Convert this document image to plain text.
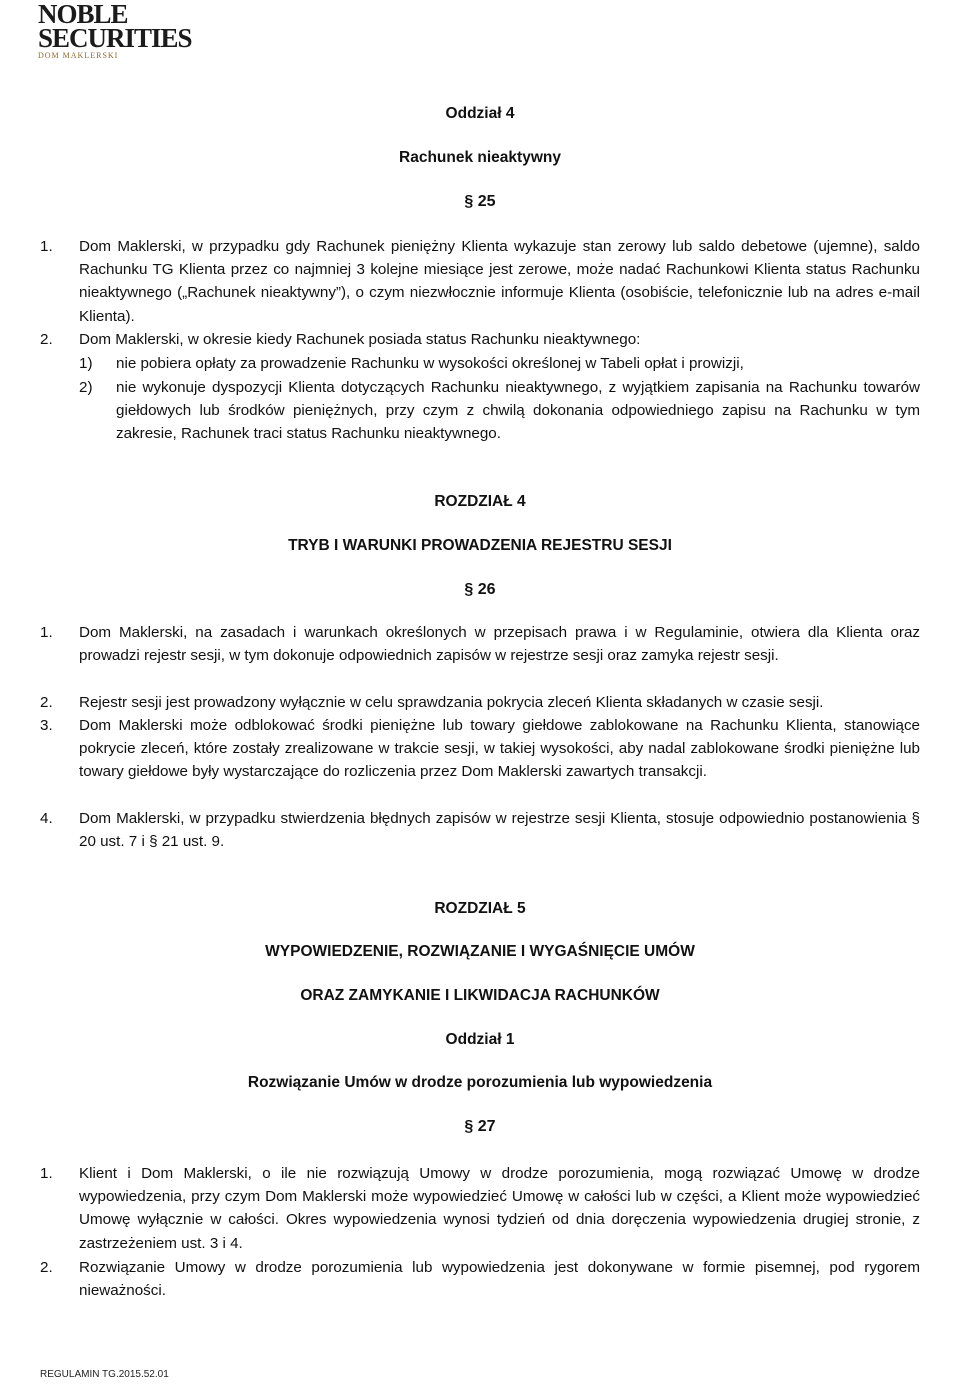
NOBLE
SECURITIES
DOM MAKLERSKI
Oddział 4
Rachunek nieaktywny
§ 25
1. Dom Maklerski, w przypadku gdy Rachunek pieniężny Klienta wykazuje stan zerowy lub saldo debetowe (ujemne), saldo Rachunku TG Klienta przez co najmniej 3 kolejne miesiące jest zerowe, może nadać Rachunkowi Klienta status Rachunku nieaktywnego („Rachunek nieaktywny”), o czym niezwłocznie informuje Klienta (osobiście, telefonicznie lub na adres e-mail Klienta).
2. Dom Maklerski, w okresie kiedy Rachunek posiada status Rachunku nieaktywnego:
1) nie pobiera opłaty za prowadzenie Rachunku w wysokości określonej w Tabeli opłat i prowizji,
2) nie wykonuje dyspozycji Klienta dotyczących Rachunku nieaktywnego, z wyjątkiem zapisania na Rachunku towarów giełdowych lub środków pieniężnych, przy czym z chwilą dokonania odpowiedniego zapisu na Rachunku w tym zakresie, Rachunek traci status Rachunku nieaktywnego.
ROZDZIAŁ 4
TRYB I WARUNKI PROWADZENIA REJESTRU SESJI
§ 26
1. Dom Maklerski, na zasadach i warunkach określonych w przepisach prawa i w Regulaminie, otwiera dla Klienta oraz prowadzi rejestr sesji, w tym dokonuje odpowiednich zapisów w rejestrze sesji oraz zamyka rejestr sesji.
2. Rejestr sesji jest prowadzony wyłącznie w celu sprawdzania pokrycia zleceń Klienta składanych w czasie sesji.
3. Dom Maklerski może odblokować środki pieniężne lub towary giełdowe zablokowane na Rachunku Klienta, stanowiące pokrycie zleceń, które zostały zrealizowane w trakcie sesji, w takiej wysokości, aby nadal zablokowane środki pieniężne lub towary giełdowe były wystarczające do rozliczenia przez Dom Maklerski zawartych transakcji.
4. Dom Maklerski, w przypadku stwierdzenia błędnych zapisów w rejestrze sesji Klienta, stosuje odpowiednio postanowienia § 20 ust. 7 i § 21 ust. 9.
ROZDZIAŁ 5
WYPOWIEDZENIE, ROZWIĄZANIE I WYGAŚNIĘCIE UMÓW
ORAZ ZAMYKANIE I LIKWIDACJA RACHUNKÓW
Oddział 1
Rozwiązanie Umów w drodze porozumienia lub wypowiedzenia
§ 27
1. Klient i Dom Maklerski, o ile nie rozwiązują Umowy w drodze porozumienia, mogą rozwiązać Umowę w drodze wypowiedzenia, przy czym Dom Maklerski może wypowiedzieć Umowę w całości lub w części, a Klient może wypowiedzieć Umowę wyłącznie w całości. Okres wypowiedzenia wynosi tydzień od dnia doręczenia wypowiedzenia drugiej stronie, z zastrzeżeniem ust. 3 i 4.
2. Rozwiązanie Umowy w drodze porozumienia lub wypowiedzenia jest dokonywane w formie pisemnej, pod rygorem nieważności.
REGULAMIN TG.2015.52.01
